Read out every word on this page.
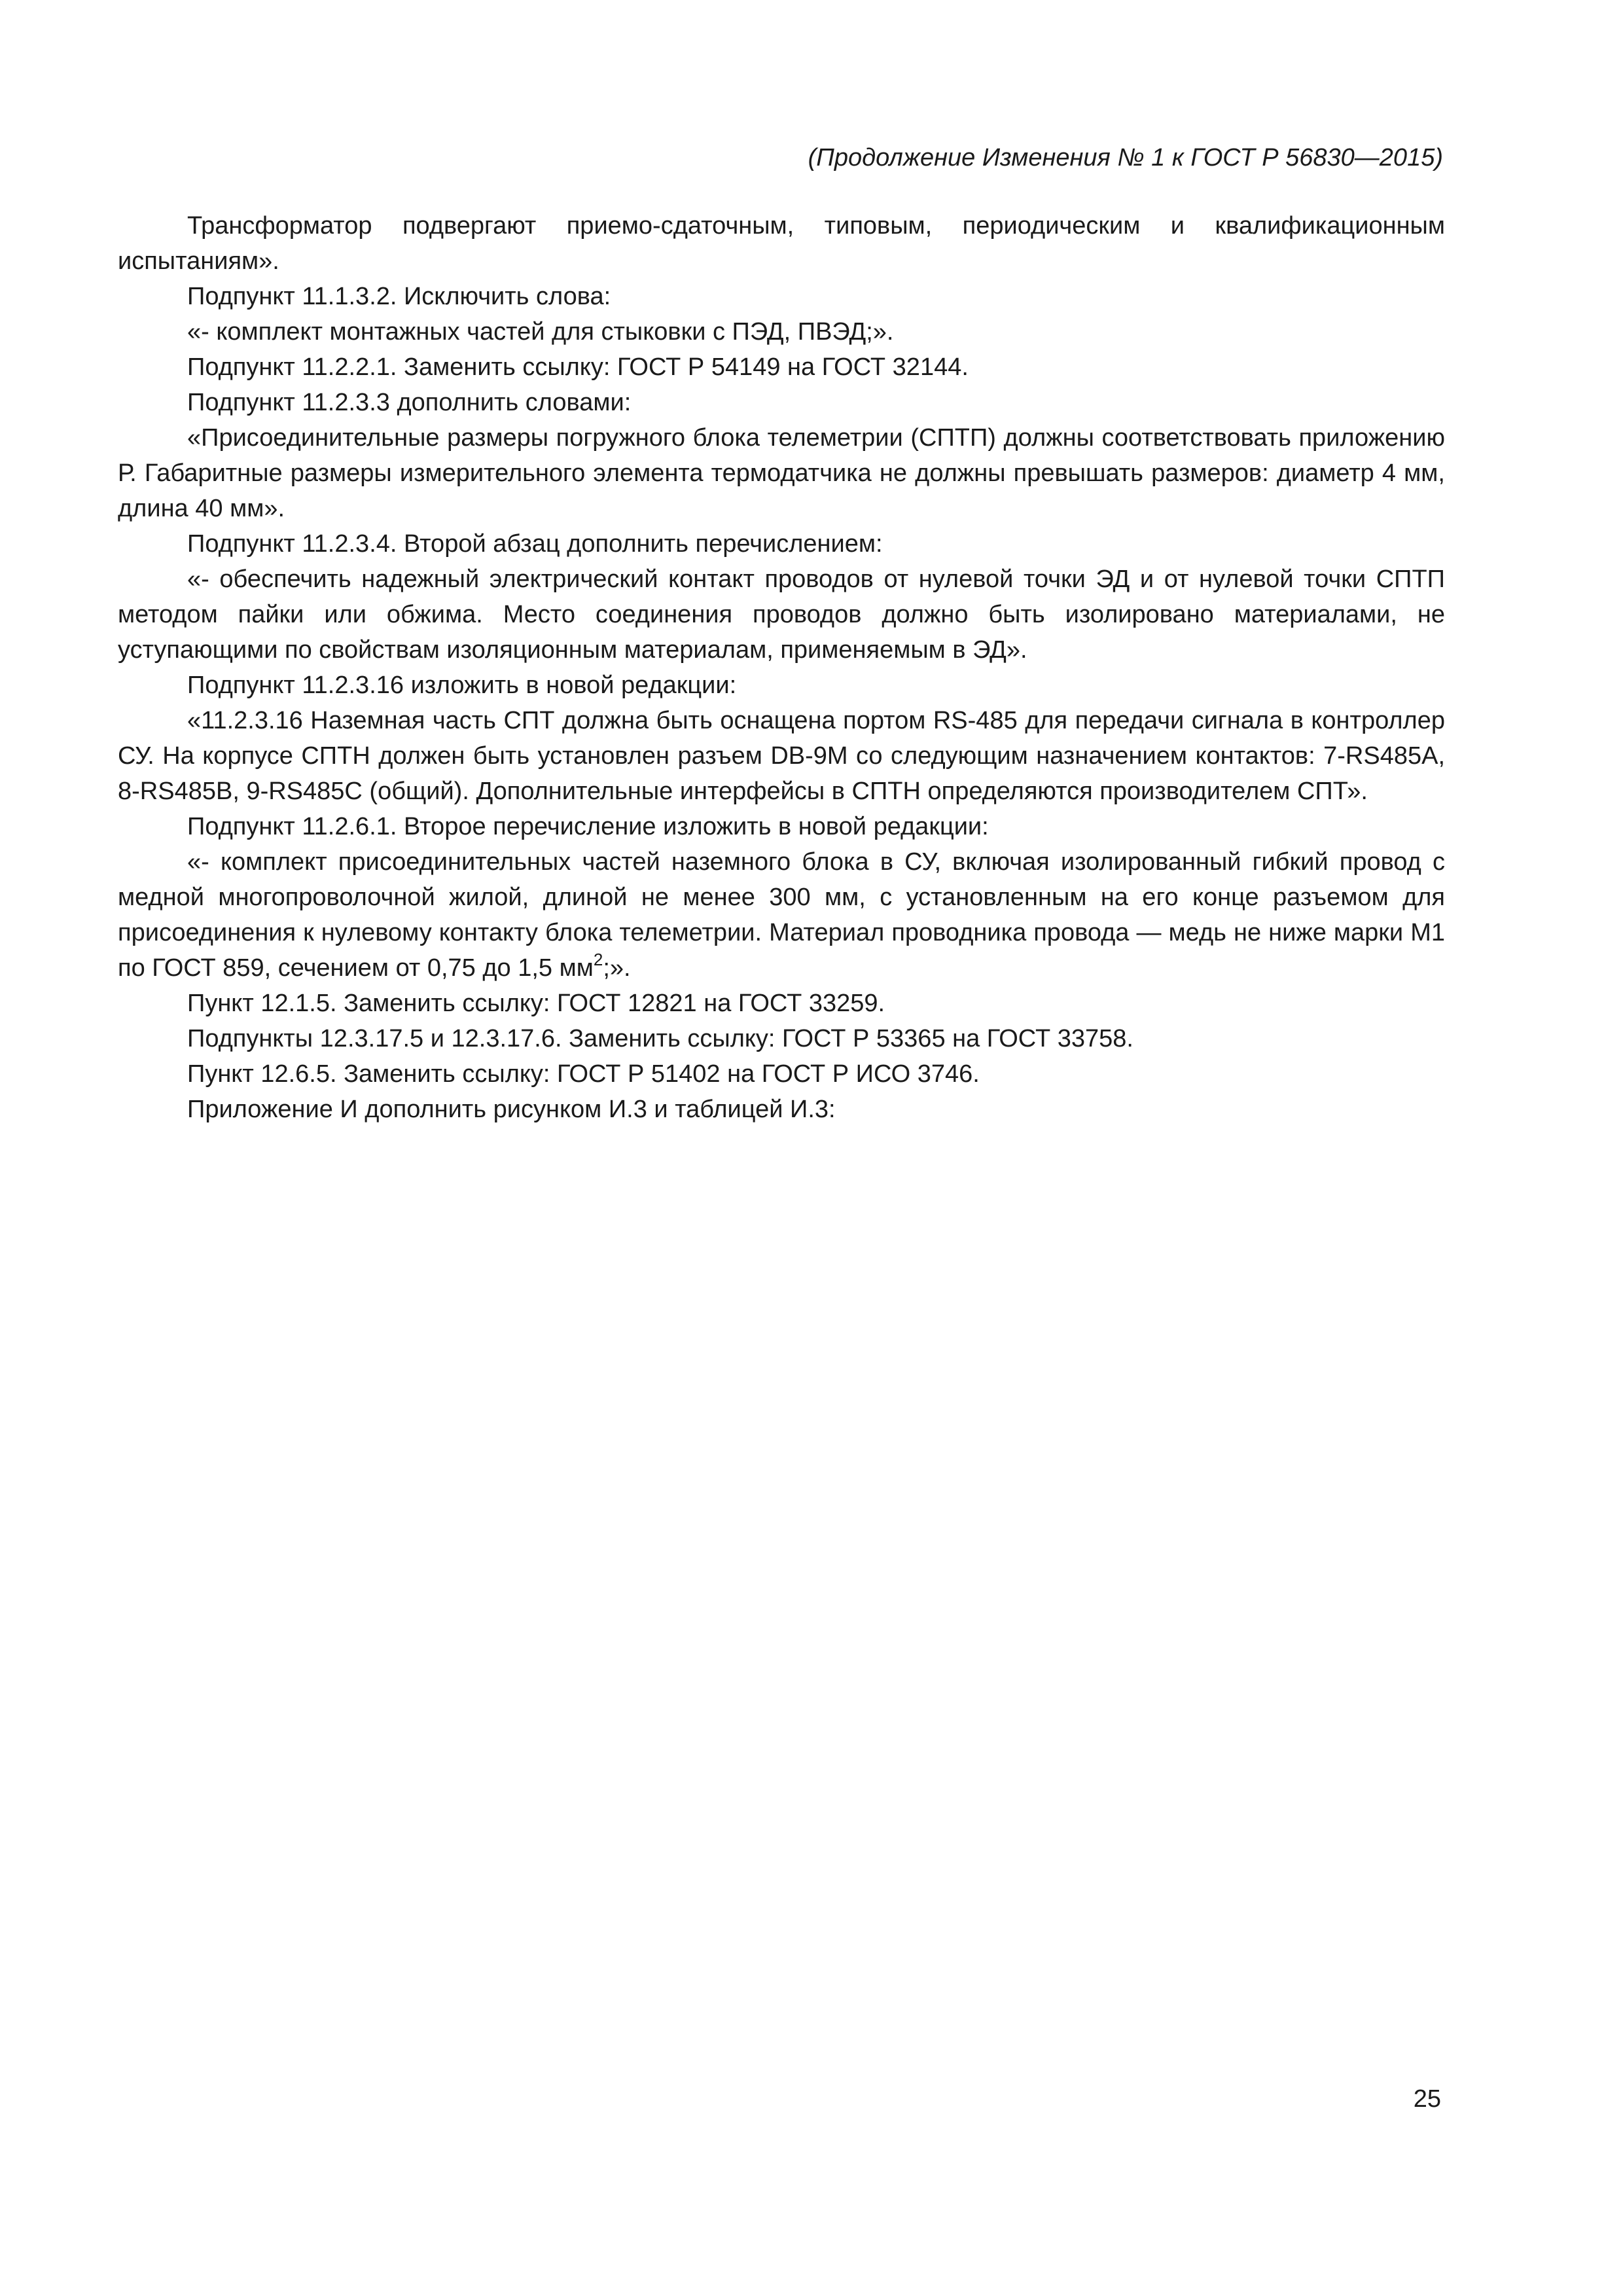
(Продолжение Изменения № 1 к ГОСТ Р 56830—2015)

Трансформатор подвергают приемо-сдаточным, типовым, периодическим и квалификационным испытаниям».

Подпункт 11.1.3.2. Исключить слова:

«- комплект монтажных частей для стыковки с ПЭД, ПВЭД;».

Подпункт 11.2.2.1. Заменить ссылку: ГОСТ Р 54149 на ГОСТ 32144.

Подпункт 11.2.3.3 дополнить словами:

«Присоединительные размеры погружного блока телеметрии (СПТП) должны соответствовать приложению Р. Габаритные размеры измерительного элемента термодатчика не должны превышать размеров: диаметр 4 мм, длина 40 мм».

Подпункт 11.2.3.4. Второй абзац дополнить перечислением:

«- обеспечить надежный электрический контакт проводов от нулевой точки ЭД и от нулевой точки СПТП методом пайки или обжима. Место соединения проводов должно быть изолировано материалами, не уступающими по свойствам изоляционным материалам, применяемым в ЭД».

Подпункт 11.2.3.16 изложить в новой редакции:

«11.2.3.16 Наземная часть СПТ должна быть оснащена портом RS-485 для передачи сигнала в контроллер СУ. На корпусе СПТН должен быть установлен разъем DB-9M со следующим назначением контактов: 7-RS485A, 8-RS485B, 9-RS485C (общий). Дополнительные интерфейсы в СПТН определяются производителем СПТ».

Подпункт 11.2.6.1. Второе перечисление изложить в новой редакции:

«- комплект присоединительных частей наземного блока в СУ, включая изолированный гибкий провод с медной многопроволочной жилой, длиной не менее 300 мм, с установленным на его конце разъемом для присоединения к нулевому контакту блока телеметрии. Материал проводника провода — медь не ниже марки М1 по ГОСТ 859, сечением от 0,75 до 1,5 $мм^2$;».

Пункт 12.1.5. Заменить ссылку: ГОСТ 12821 на ГОСТ 33259.

Подпункты 12.3.17.5 и 12.3.17.6. Заменить ссылку: ГОСТ Р 53365 на ГОСТ 33758.

Пункт 12.6.5. Заменить ссылку: ГОСТ Р 51402 на ГОСТ Р ИСО 3746.

Приложение И дополнить рисунком И.3 и таблицей И.3:

25
